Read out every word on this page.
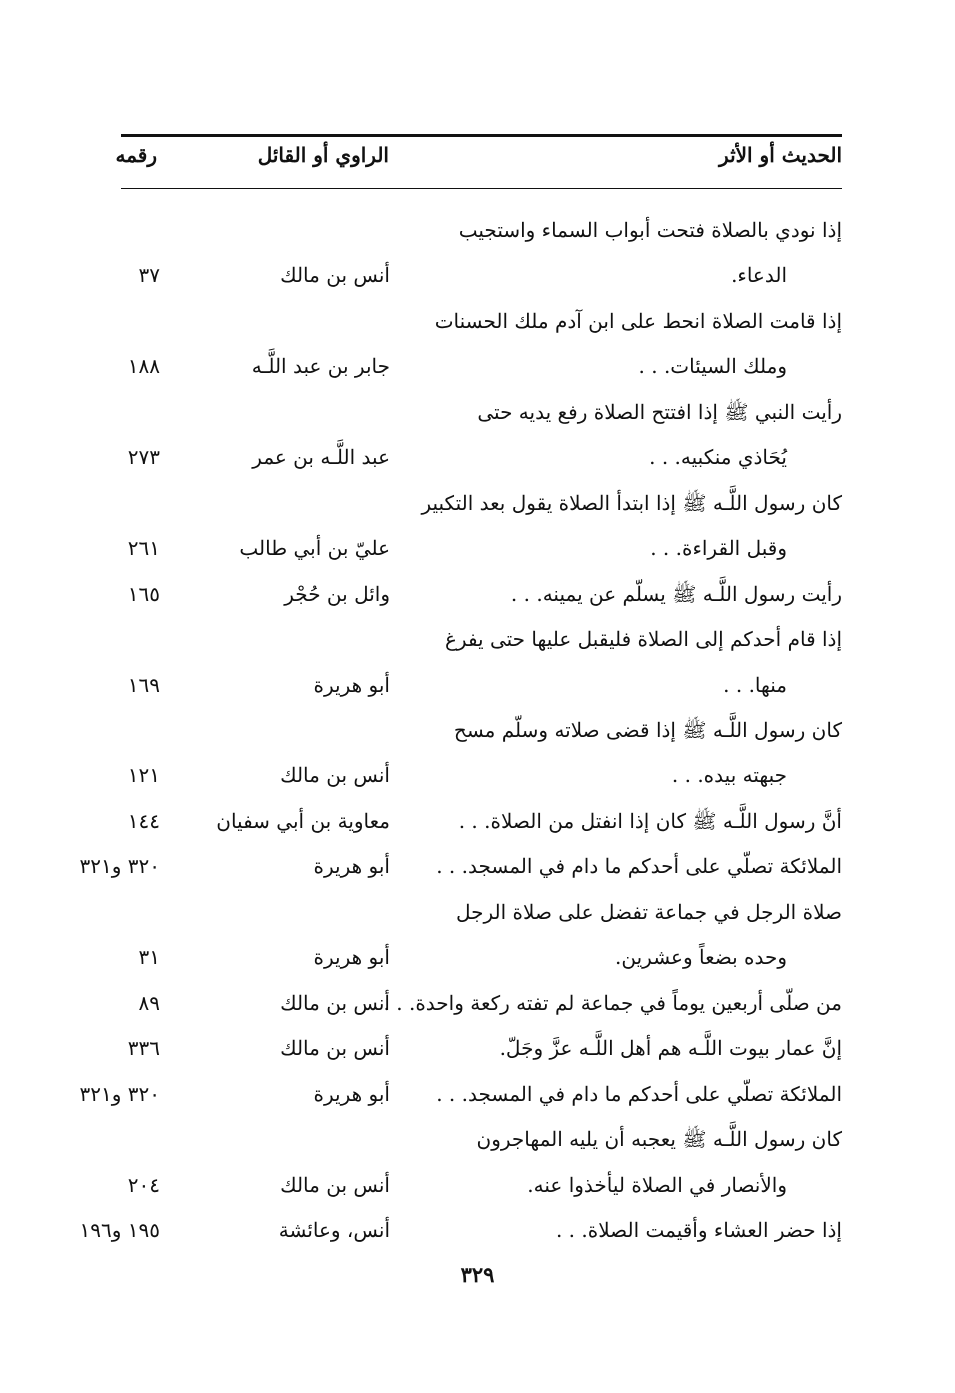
الحديث أو الأثر
الراوي أو القائل
رقمه
إذا نودي بالصلاة فتحت أبواب السماء واستجيب
الدعاء.
أنس بن مالك
٣٧
إذا قامت الصلاة انحط على ابن آدم ملك الحسنات
وملك السيئات. . .
جابر بن عبد اللَّـه
١٨٨
رأيت النبي ﷺ إذا افتتح الصلاة رفع يديه حتى
يُحَاذي منكبيه. . .
عبد اللَّـه بن عمر
٢٧٣
كان رسول اللَّـه ﷺ إذا ابتدأ الصلاة يقول بعد التكبير
وقبل القراءة. . .
عليّ بن أبي طالب
٢٦١
رأيت رسول اللَّـه ﷺ يسلّم عن يمينه. . .
وائل بن حُجْر
١٦٥
إذا قام أحدكم إلى الصلاة فليقبل عليها حتى يفرغ
منها. . .
أبو هريرة
١٦٩
كان رسول اللَّـه ﷺ إذا قضى صلاته وسلّم مسح
جبهته بيده. . .
أنس بن مالك
١٢١
أنَّ رسول اللَّـه ﷺ كان إذا انفتل من الصلاة. . .
معاوية بن أبي سفيان
١٤٤
الملائكة تصلّي على أحدكم ما دام في المسجد. . .
أبو هريرة
٣٢٠ و٣٢١
صلاة الرجل في جماعة تفضل على صلاة الرجل
وحده بضعاً وعشرين.
أبو هريرة
٣١
من صلّى أربعين يوماً في جماعة لم تفته ركعة واحدة. . .
أنس بن مالك
٨٩
إنَّ عمار بيوت اللَّـه هم أهل اللَّـه عزَّ وجَلّ.
أنس بن مالك
٣٣٦
الملائكة تصلّي على أحدكم ما دام في المسجد. . .
أبو هريرة
٣٢٠ و٣٢١
كان رسول اللَّـه ﷺ يعجبه أن يليه المهاجرون
والأنصار في الصلاة ليأخذوا عنه.
أنس بن مالك
٢٠٤
إذا حضر العشاء وأقيمت الصلاة. . .
أنس، وعائشة
١٩٥ و١٩٦
٣٢٩
